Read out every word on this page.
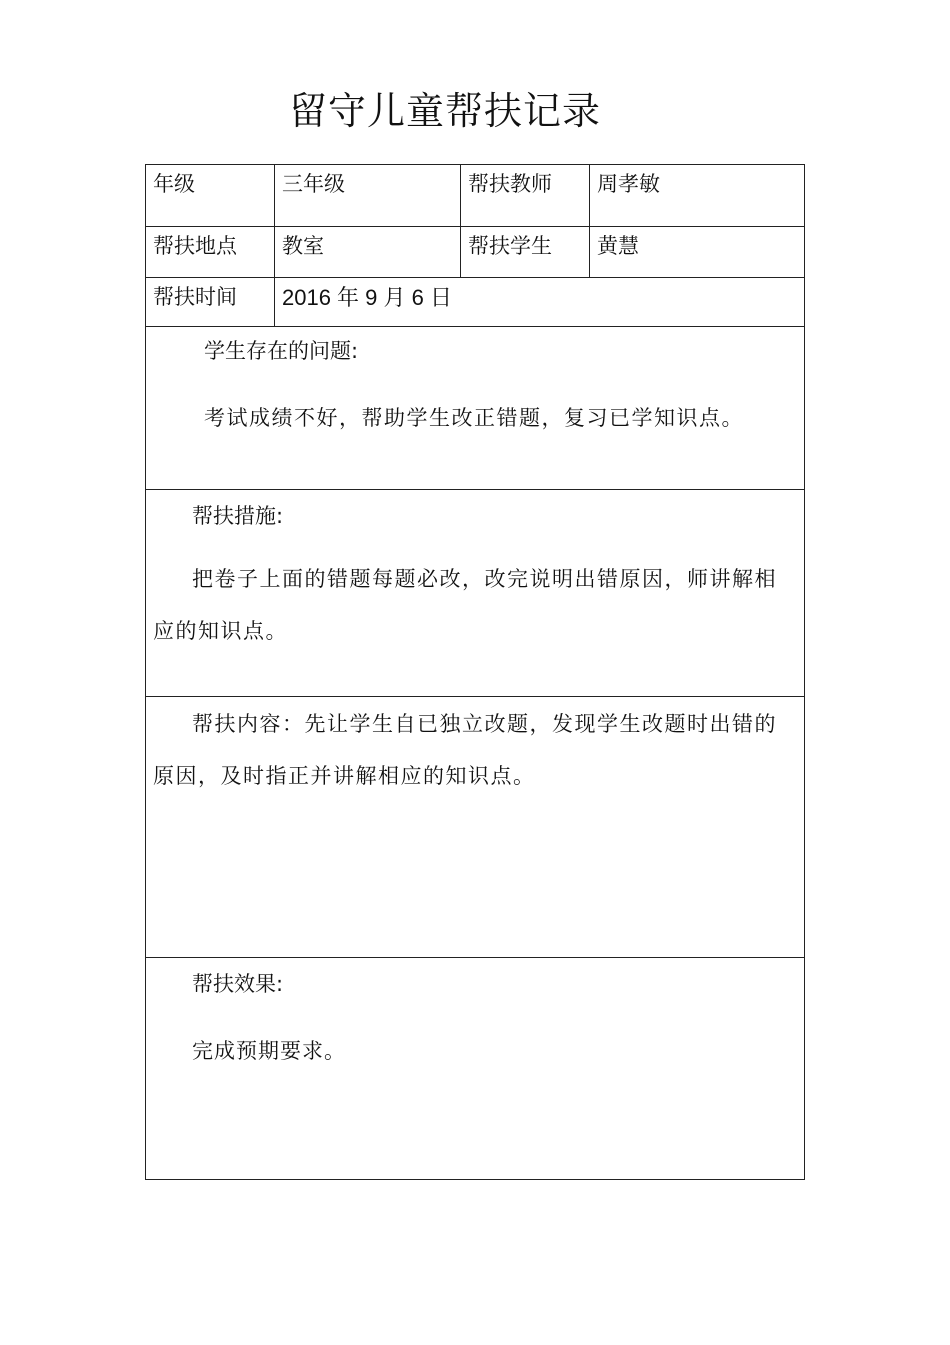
留守儿童帮扶记录
年级	三年级	帮扶教师	周孝敏

帮扶地点	教室	帮扶学生	黄慧

帮扶时间	2016 年 9 月 6 日		

学生存在的问题:
考试成绩不好，帮助学生改正错题，复习已学知识点。			

帮扶措施:
把卷子上面的错题每题必改，改完说明出错原因，师讲解相应的知识点。			

帮扶内容：先让学生自已独立改题，发现学生改题时出错的原因，及时指正并讲解相应的知识点。			

帮扶效果:
完成预期要求。			
